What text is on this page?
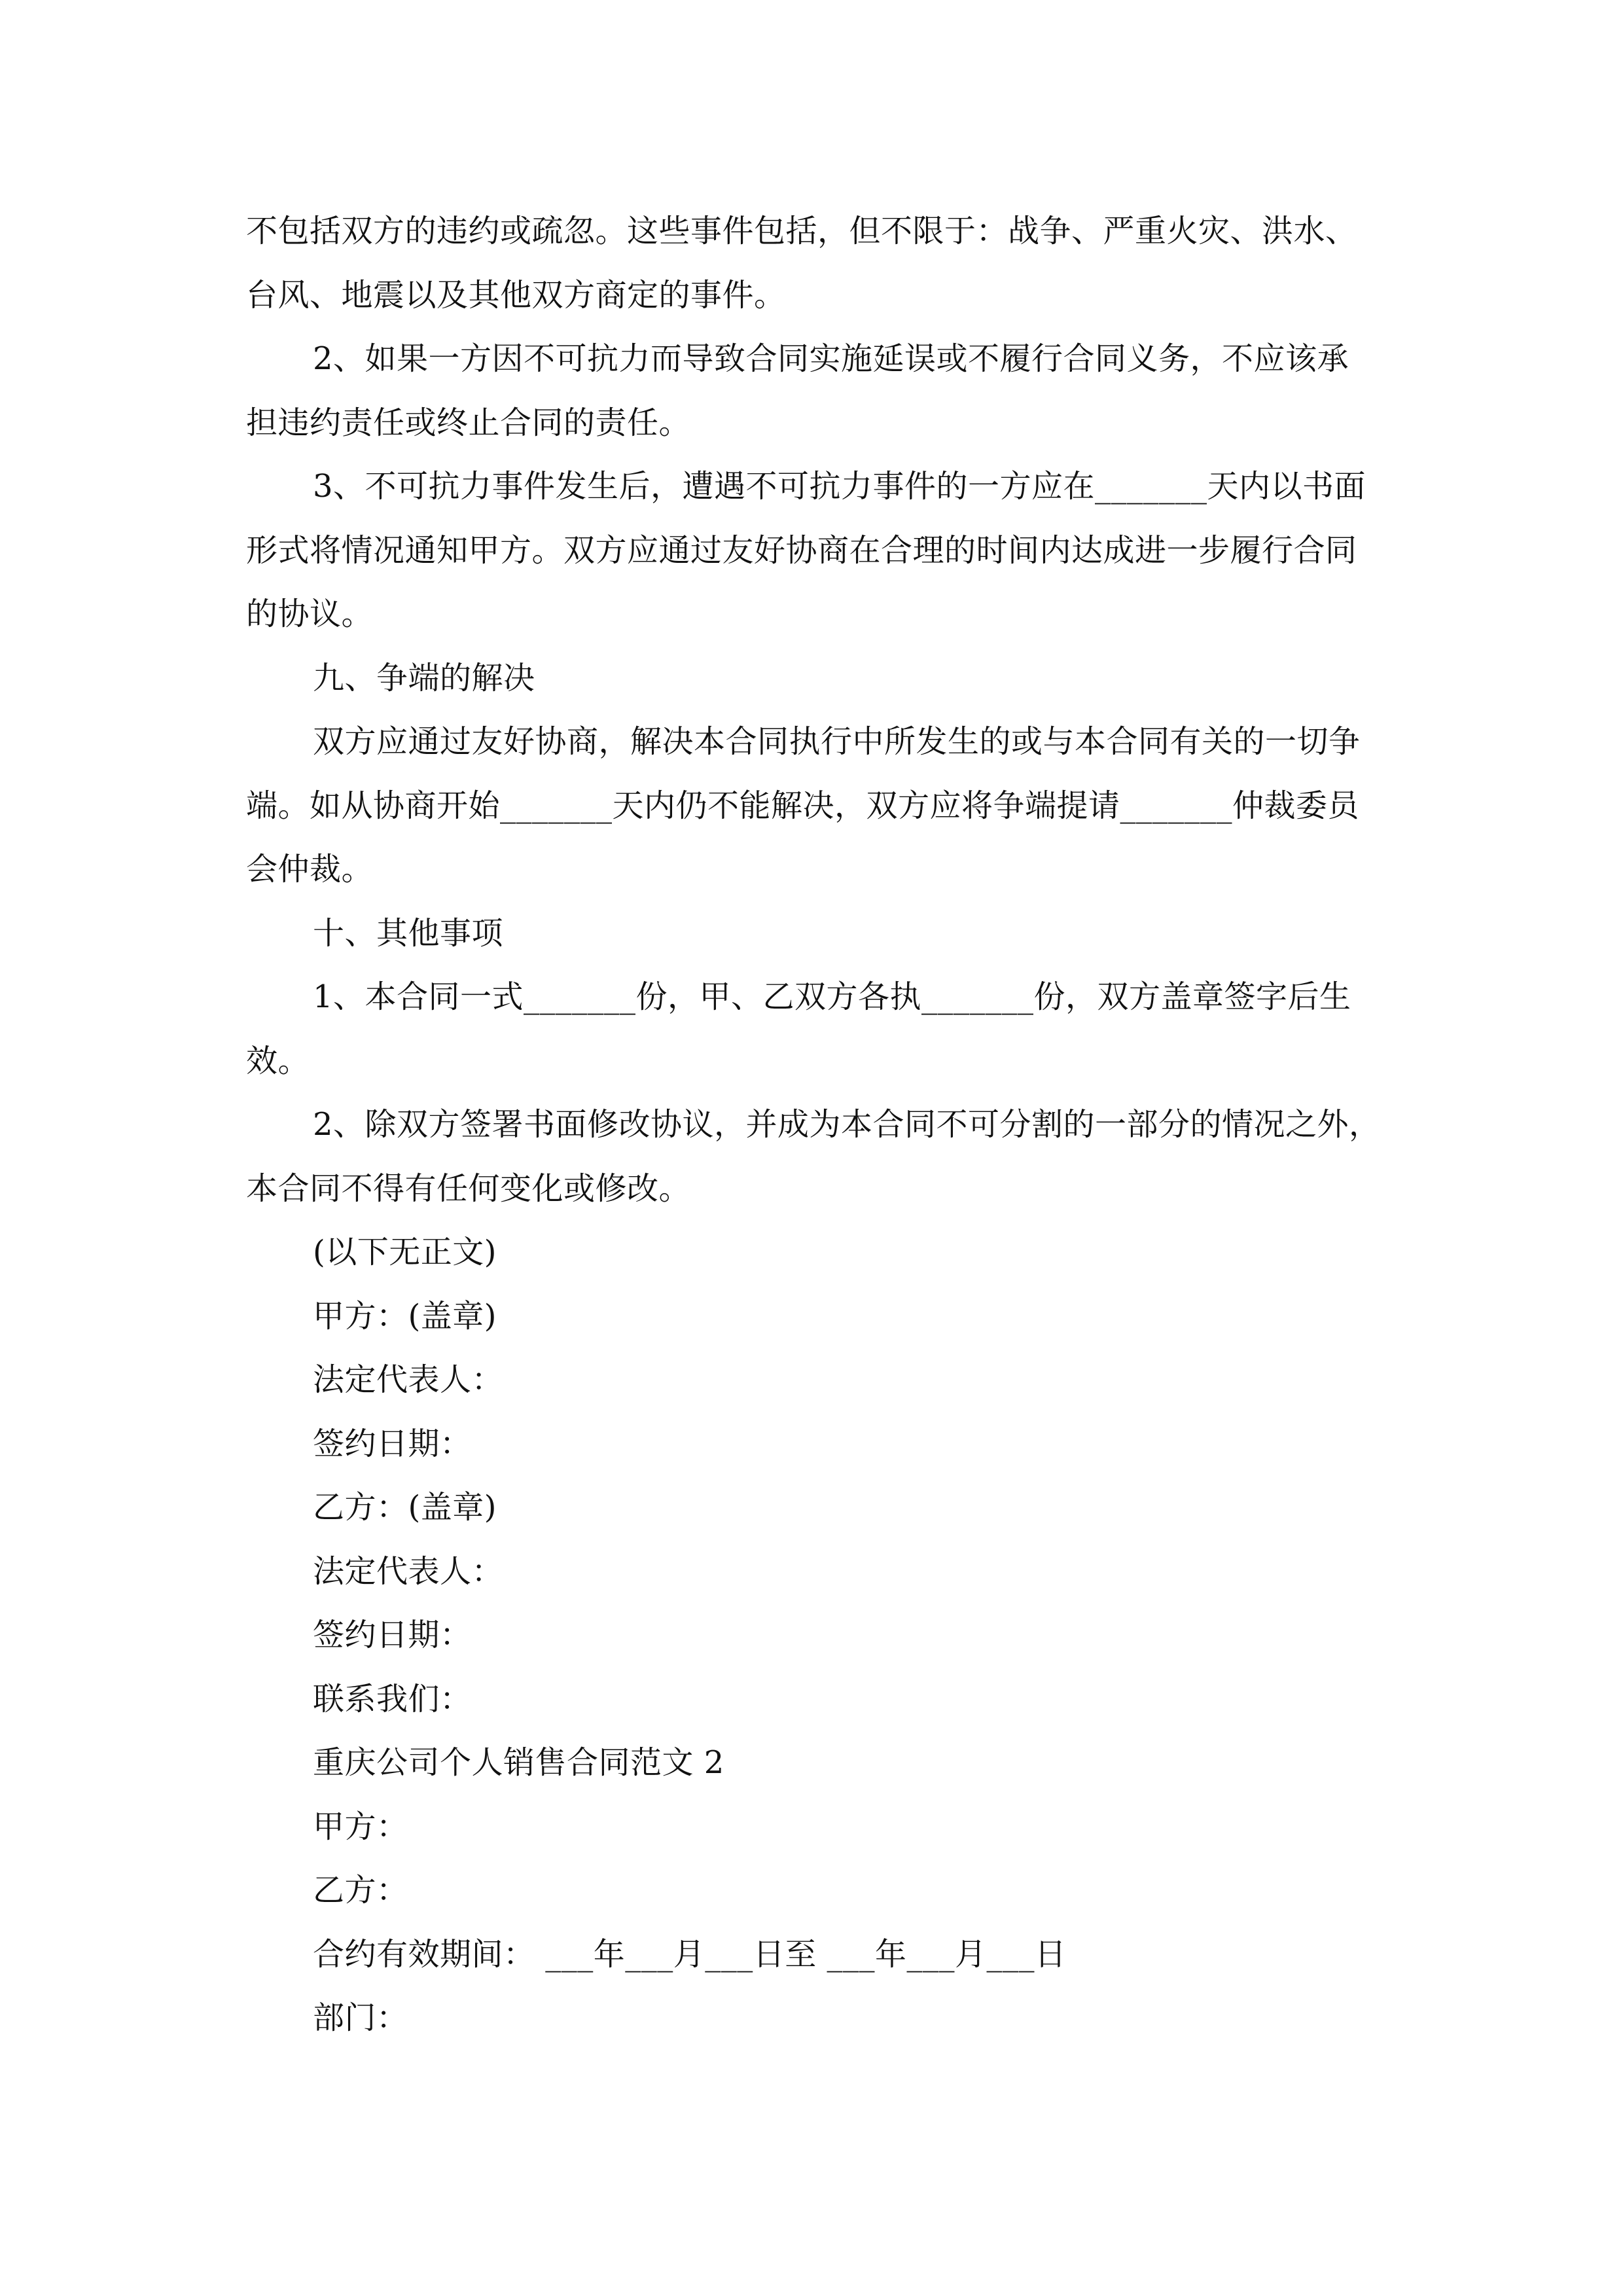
不包括双方的违约或疏忽。这些事件包括，但不限于：战争、严重火灾、洪水、
台风、地震以及其他双方商定的事件。
2、如果一方因不可抗力而导致合同实施延误或不履行合同义务，不应该承
担违约责任或终止合同的责任。
3、不可抗力事件发生后，遭遇不可抗力事件的一方应在_______天内以书面
形式将情况通知甲方。双方应通过友好协商在合理的时间内达成进一步履行合同
的协议。
九、争端的解决
双方应通过友好协商，解决本合同执行中所发生的或与本合同有关的一切争
端。如从协商开始_______天内仍不能解决，双方应将争端提请_______仲裁委员
会仲裁。
十、其他事项
1、本合同一式_______份，甲、乙双方各执_______份，双方盖章签字后生
效。
2、除双方签署书面修改协议，并成为本合同不可分割的一部分的情况之外，
本合同不得有任何变化或修改。
(以下无正文)
甲方：(盖章)
法定代表人：
签约日期：
乙方：(盖章)
法定代表人：
签约日期：
联系我们：
重庆公司个人销售合同范文 2
甲方：
乙方：
合约有效期间： ___年___月___日至 ___年___月___日
部门：
